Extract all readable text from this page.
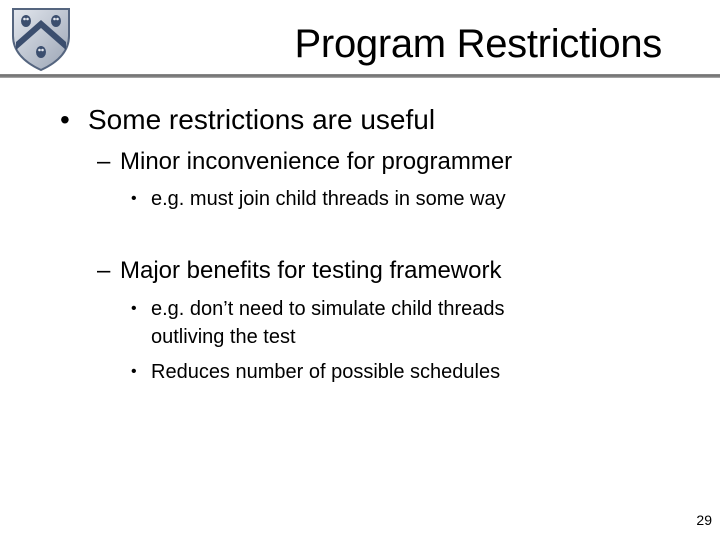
Program Restrictions
• Some restrictions are useful
– Minor inconvenience for programmer
• e.g. must join child threads in some way
– Major benefits for testing framework
• e.g. don’t need to simulate child threads
outliving the test
• Reduces number of possible schedules
29
